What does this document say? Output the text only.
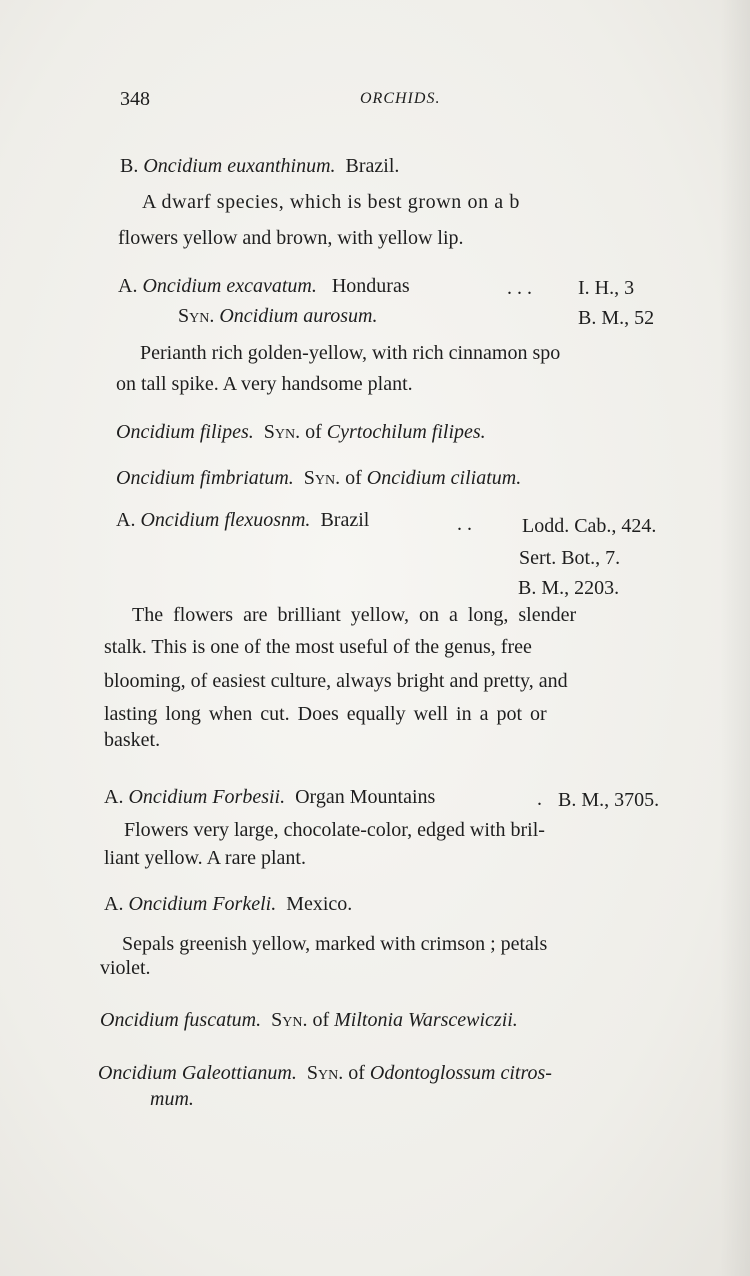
348	ORCHIDS.
B. Oncidium euxanthinum. Brazil.
A dwarf species, which is best grown on a b
flowers yellow and brown, with yellow lip.
A. Oncidium excavatum. Honduras	. . . I. H., 3
Syn. Oncidium aurosum.	B. M., 52
Perianth rich golden-yellow, with rich cinnamon spo
on tall spike. A very handsome plant.
Oncidium filipes. Syn. of Cyrtochilum filipes.
Oncidium fimbriatum. Syn. of Oncidium ciliatum.
A. Oncidium flexuosnm. Brazil	. .	Lodd. Cab., 424.
Sert. Bot., 7.
B. M., 2203.
The flowers are brilliant yellow, on a long, slender
stalk. This is one of the most useful of the genus, free
blooming, of easiest culture, always bright and pretty, and
lasting long when cut. Does equally well in a pot or
basket.
A. Oncidium Forbesii. Organ Mountains	. B. M., 3705.
Flowers very large, chocolate-color, edged with bril-
liant yellow. A rare plant.
A. Oncidium Forkeli. Mexico.
Sepals greenish yellow, marked with crimson ; petals
violet.
Oncidium fuscatum. Syn. of Miltonia Warscewiczii.
Oncidium Galeottianum. Syn. of Odontoglossum citros-
mum.
